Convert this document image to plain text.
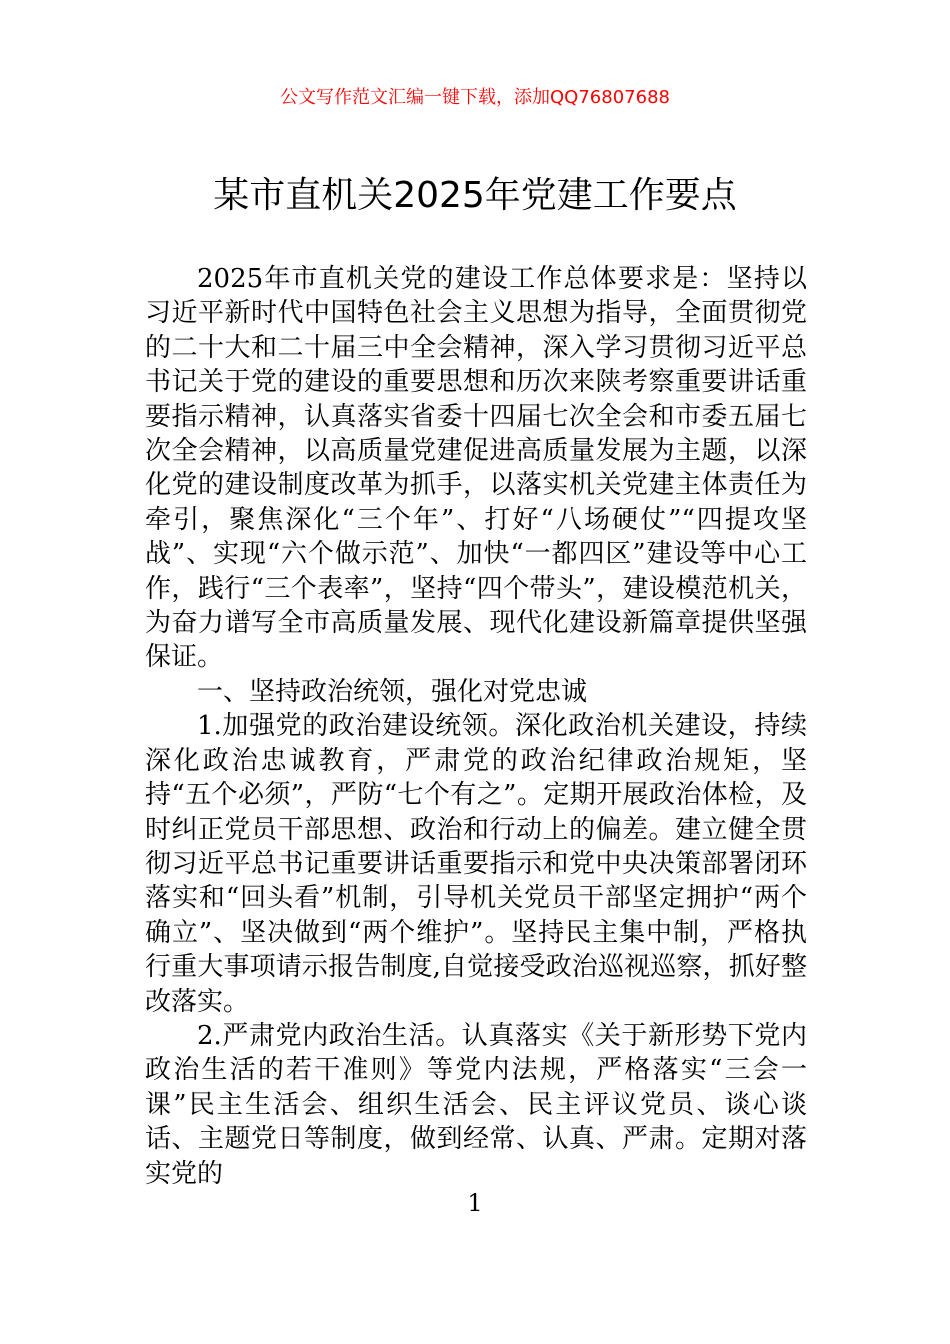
公文写作范文汇编一键下载，添加QQ76807688
某市直机关2025年党建工作要点

2025年市直机关党的建设工作总体要求是：坚持以习近平新时代中国特色社会主义思想为指导，全面贯彻党的二十大和二十届三中全会精神，深入学习贯彻习近平总书记关于党的建设的重要思想和历次来陕考察重要讲话重要指示精神，认真落实省委十四届七次全会和市委五届七次全会精神，以高质量党建促进高质量发展为主题，以深化党的建设制度改革为抓手，以落实机关党建主体责任为牵引，聚焦深化“三个年”、打好“八场硬仗”“四提攻坚战”、实现“六个做示范”、加快“一都四区”建设等中心工作，践行“三个表率”，坚持“四个带头”，建设模范机关，为奋力谱写全市高质量发展、现代化建设新篇章提供坚强保证。

一、坚持政治统领，强化对党忠诚

1.加强党的政治建设统领。深化政治机关建设，持续深化政治忠诚教育，严肃党的政治纪律政治规矩，坚持“五个必须”，严防“七个有之”。定期开展政治体检，及时纠正党员干部思想、政治和行动上的偏差。建立健全贯彻习近平总书记重要讲话重要指示和党中央决策部署闭环落实和“回头看”机制，引导机关党员干部坚定拥护“两个确立”、坚决做到“两个维护”。坚持民主集中制，严格执行重大事项请示报告制度,自觉接受政治巡视巡察，抓好整改落实。

2.严肃党内政治生活。认真落实《关于新形势下党内政治生活的若干准则》等党内法规，严格落实“三会一课”民主生活会、组织生活会、民主评议党员、谈心谈话、主题党日等制度，做到经常、认真、严肃。定期对落实党的

1
